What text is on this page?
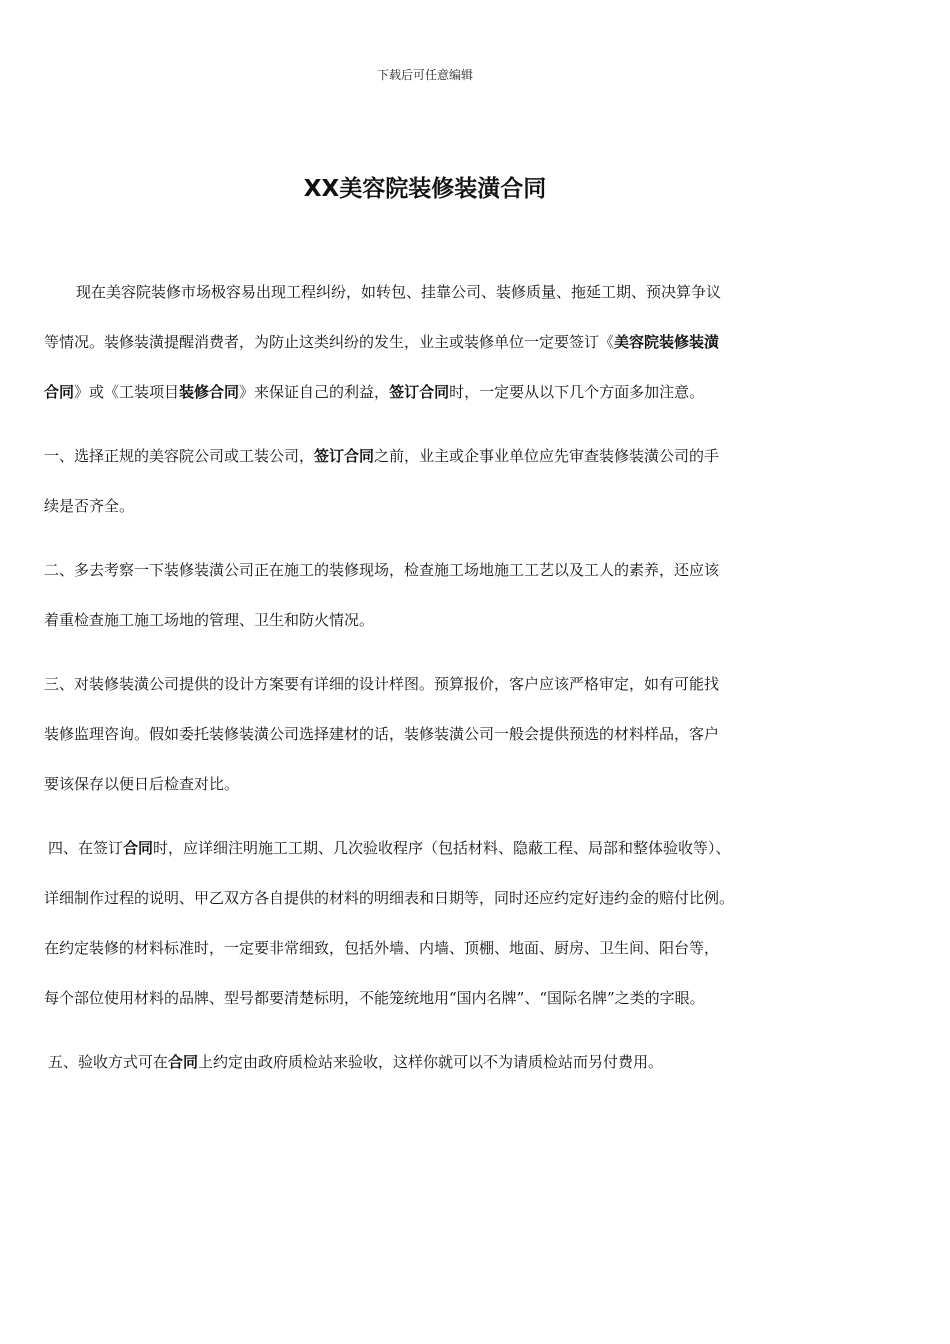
下载后可任意编辑
XX美容院装修装潢合同
现在美容院装修市场极容易出现工程纠纷，如转包、挂靠公司、装修质量、拖延工期、预决算争议
等情况。装修装潢提醒消费者，为防止这类纠纷的发生，业主或装修单位一定要签订《美容院装修装潢
合同》或《工装项目装修合同》来保证自己的利益，签订合同时，一定要从以下几个方面多加注意。
一、选择正规的美容院公司或工装公司，签订合同之前，业主或企事业单位应先审查装修装潢公司的手
续是否齐全。
二、多去考察一下装修装潢公司正在施工的装修现场，检查施工场地施工工艺以及工人的素养，还应该
着重检查施工施工场地的管理、卫生和防火情况。
三、对装修装潢公司提供的设计方案要有详细的设计样图。预算报价，客户应该严格审定，如有可能找
装修监理咨询。假如委托装修装潢公司选择建材的话，装修装潢公司一般会提供预选的材料样品，客户
要该保存以便日后检查对比。
四、在签订合同时，应详细注明施工工期、几次验收程序（包括材料、隐蔽工程、局部和整体验收等）、
详细制作过程的说明、甲乙双方各自提供的材料的明细表和日期等，同时还应约定好违约金的赔付比例。
在约定装修的材料标准时，一定要非常细致，包括外墙、内墙、顶棚、地面、厨房、卫生间、阳台等，
每个部位使用材料的品牌、型号都要清楚标明，不能笼统地用“国内名牌”、“国际名牌”之类的字眼。
五、验收方式可在合同上约定由政府质检站来验收，这样你就可以不为请质检站而另付费用。
